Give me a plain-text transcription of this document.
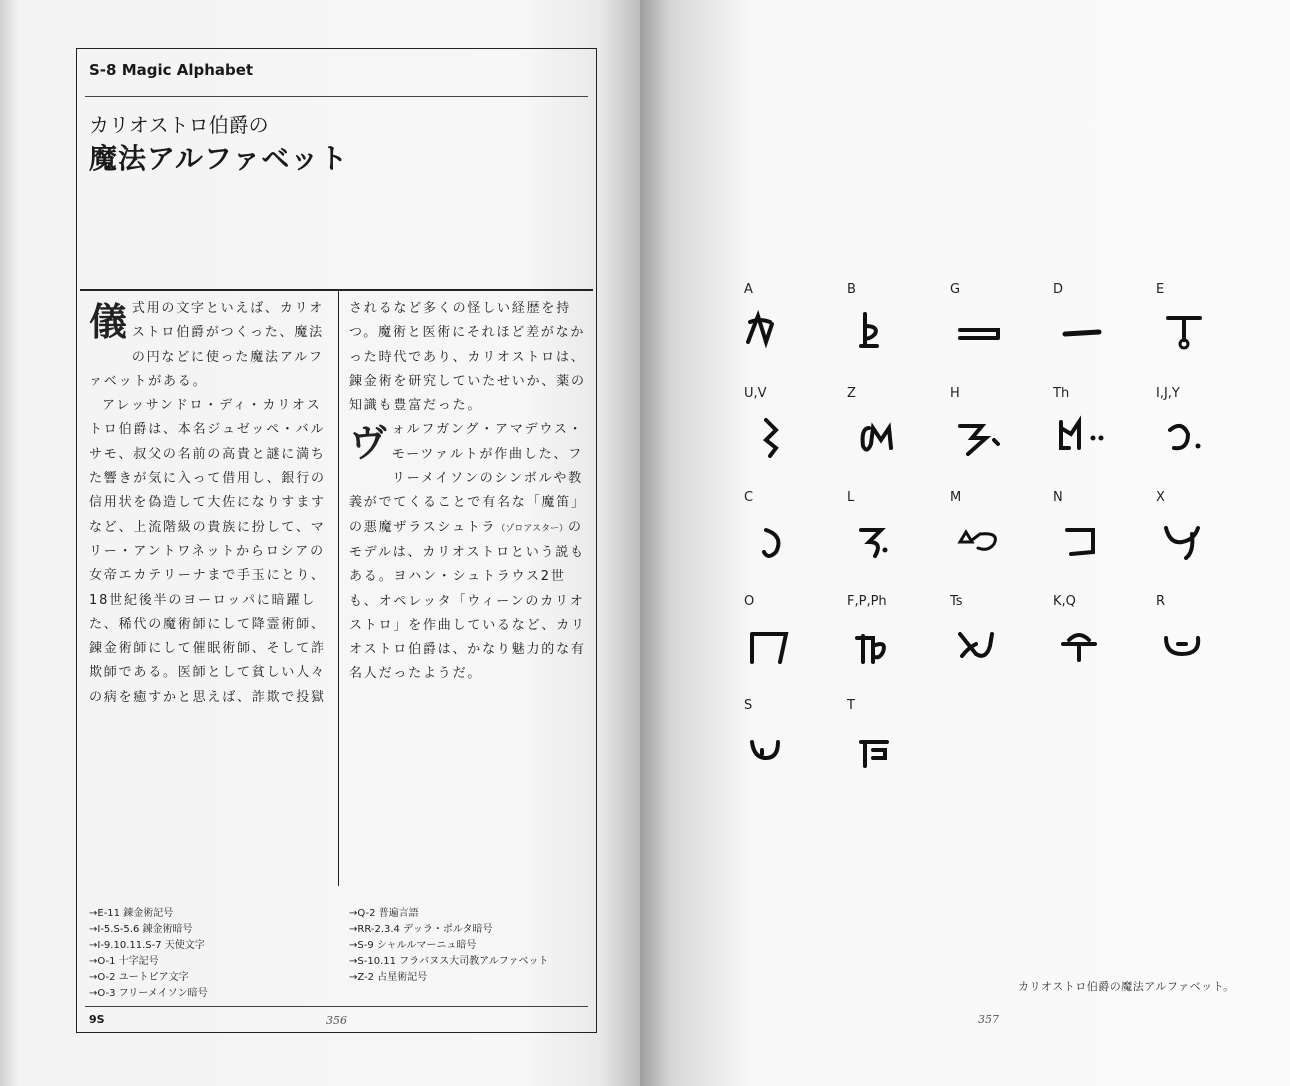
S-8 Magic Alphabet
カリオストロ伯爵の
魔法アルファベット

儀式用の文字といえば、カリオストロ伯爵がつくった、魔法の円などに使った魔法アルファベットがある。

アレッサンドロ・ディ・カリオストロ伯爵は、本名ジュゼッペ・バルサモ、叔父の名前の高貴と謎に満ちた響きが気に入って借用し、銀行の信用状を偽造して大佐になりすますなど、上流階級の貴族に扮して、マリー・アントワネットからロシアの女帝エカテリーナまで手玉にとり、18世紀後半のヨーロッパに暗躍した、稀代の魔術師にして降霊術師、錬金術師にして催眠術師、そして詐欺師である。医師として貧しい人々の病を癒すかと思えば、詐欺で投獄

されるなど多くの怪しい経歴を持つ。魔術と医術にそれほど差がなかった時代であり、カリオストロは、錬金術を研究していたせいか、薬の知識も豊富だった。

ヴォルフガング・アマデウス・モーツァルトが作曲した、フリーメイソンのシンボルや教義がでてくることで有名な「魔笛」の悪魔ザラスシュトラ（ゾロアスター）のモデルは、カリオストロという説もある。ヨハン・シュトラウス2世も、オペレッタ「ウィーンのカリオストロ」を作曲しているなど、カリオストロ伯爵は、かなり魅力的な有名人だったようだ。

→E-11 錬金術記号
→I-5.S-5.6 錬金術暗号
→I-9.10.11.S-7 天使文字
→O-1 十字記号
→O-2 ユートピア文字
→O-3 フリーメイソン暗号
→Q-2 普遍言語
→RR-2.3.4 デッラ・ポルタ暗号
→S-9 シャルルマーニュ暗号
→S-10.11 フラバヌス大司教アルファベット
→Z-2 占星術記号
9S	356
A	B	G	D	E
U,V	Z	H	Th	I,J,Y
C	L	M	N	X
O	F,P,Ph	Ts	K,Q	R
S	T
カリオストロ伯爵の魔法アルファベット。
357
